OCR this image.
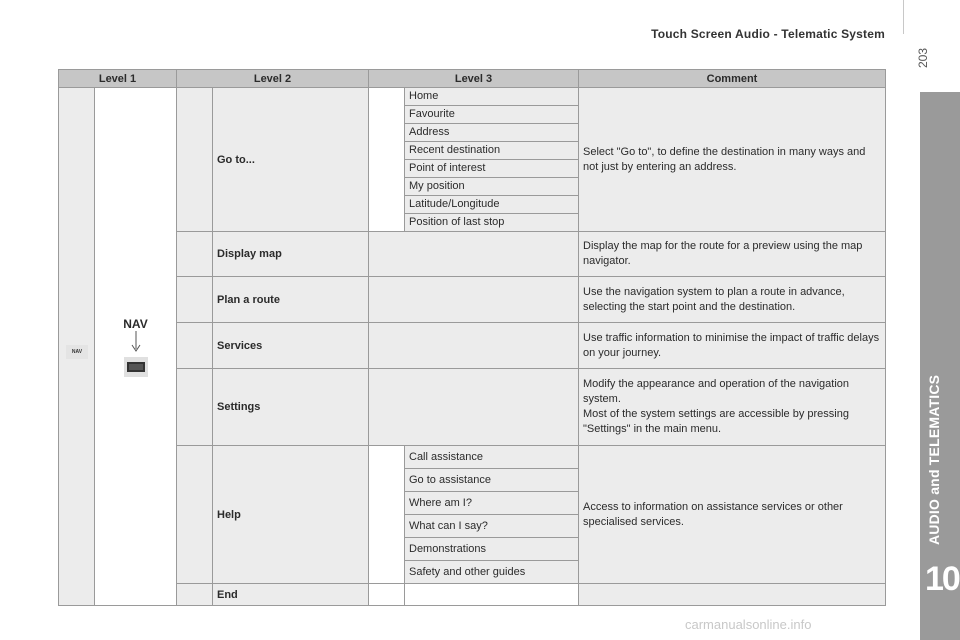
Touch Screen Audio - Telematic System
203
AUDIO and TELEMATICS
10
Level 1		Level 2		Level 3		Comment
	NAV		Go to...		Home	Select "Go to", to define the destination in many ways and not just by entering an address.
					Favourite	
					Address	
					Recent destination	
					Point of interest	
					My position	
					Latitude/Longitude	
					Position of last stop	
			Display map			Display the map for the route for a preview using the map navigator.
			Plan a route			Use the navigation system to plan a route in advance, selecting the start point and the destination.
			Services			Use traffic information to minimise the impact of traffic delays on your journey.
			Settings			Modify the appearance and operation of the navigation system.
Most of the system settings are accessible by pressing "Settings" in the main menu.

			Help		Call assistance	Access to information on assistance services or other specialised services.
					Go to assistance	
					Where am I?	
					What can I say?	
					Demonstrations	
					Safety and other guides	
			End			
NAV
carmanualsonline.info
